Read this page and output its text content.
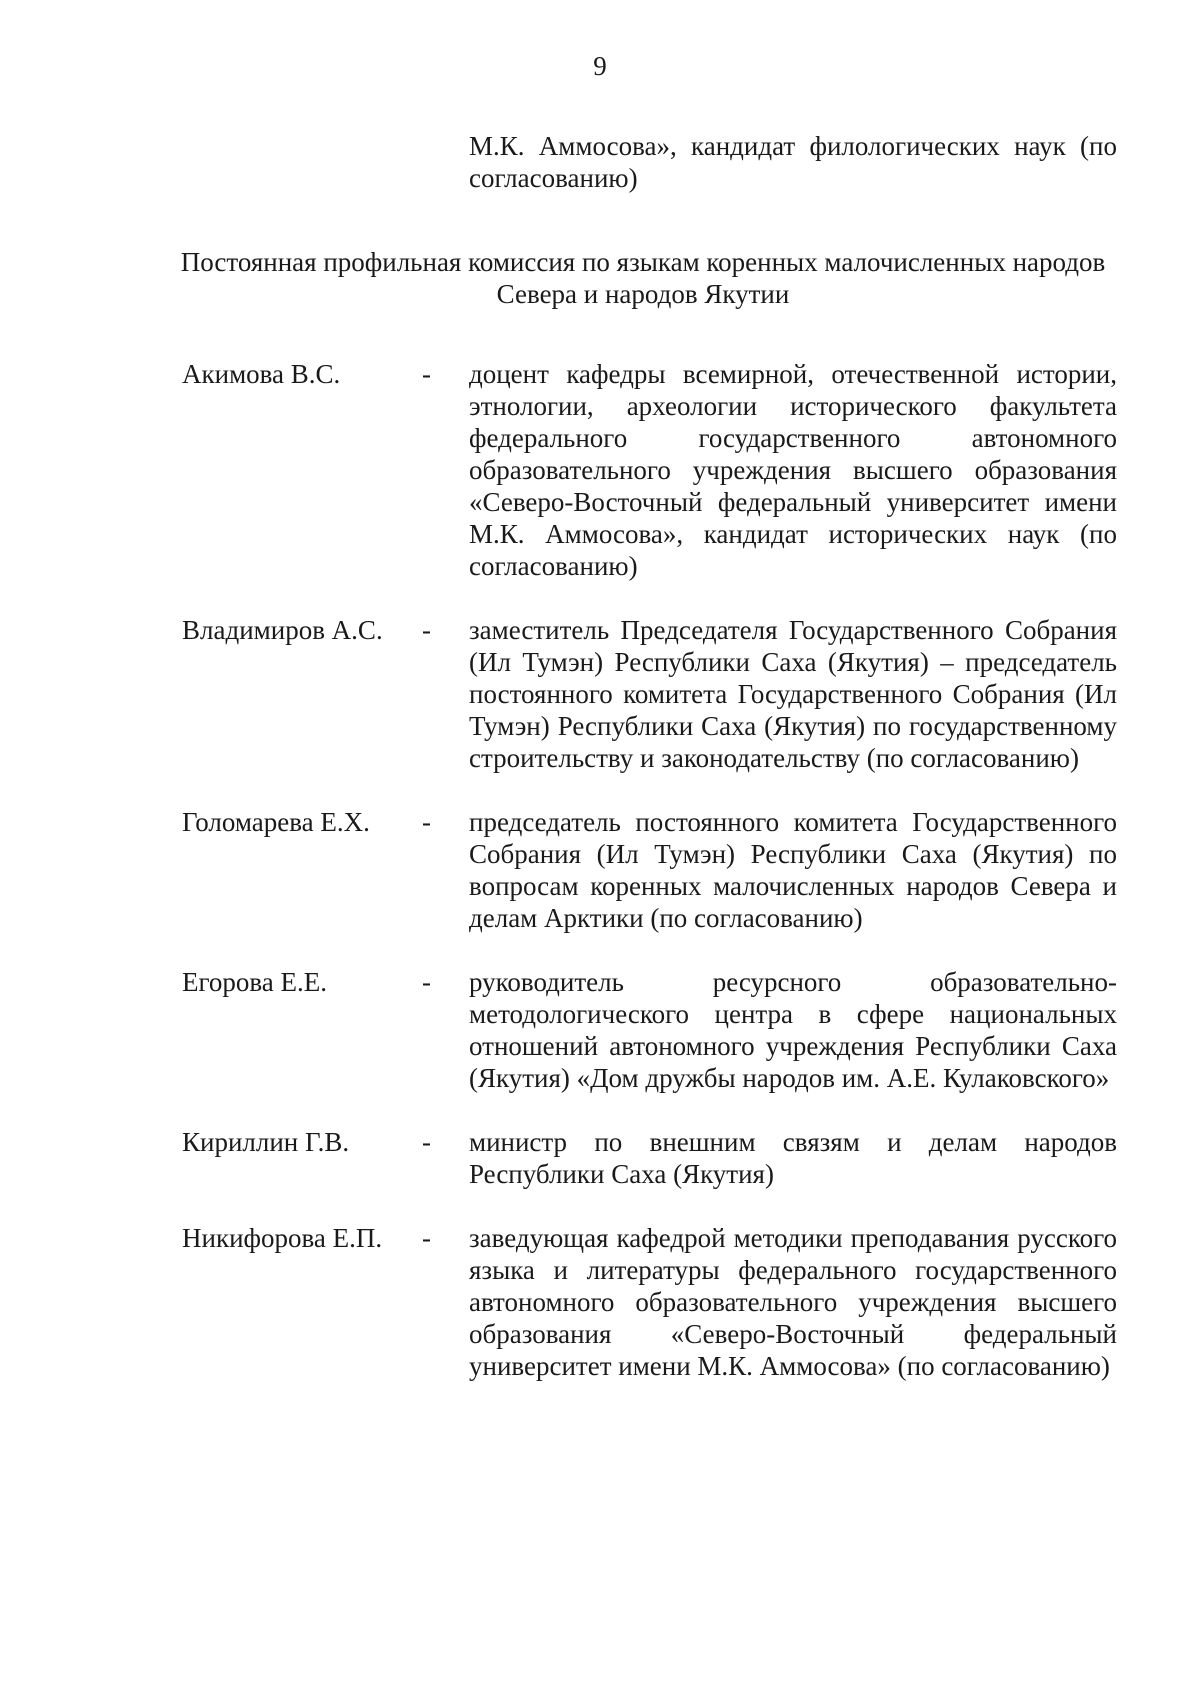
9
М.К. Аммосова», кандидат филологических наук (по согласованию)
Постоянная профильная комиссия по языкам коренных малочисленных народов Севера и народов Якутии
Акимова В.С.	-	доцент кафедры всемирной, отечественной истории, этнологии, археологии исторического факультета федерального государственного автономного образовательного учреждения высшего образования «Северо-Восточный федеральный университет имени М.К. Аммосова», кандидат исторических наук (по согласованию)
Владимиров А.С.	-	заместитель Председателя Государственного Собрания (Ил Тумэн) Республики Саха (Якутия) – председатель постоянного комитета Государственного Собрания (Ил Тумэн) Республики Саха (Якутия) по государственному строительству и законодательству (по согласованию)
Голомарева Е.Х.	-	председатель постоянного комитета Государственного Собрания (Ил Тумэн) Республики Саха (Якутия) по вопросам коренных малочисленных народов Севера и делам Арктики (по согласованию)
Егорова Е.Е.	-	руководитель ресурсного образовательно-методологического центра в сфере национальных отношений автономного учреждения Республики Саха (Якутия) «Дом дружбы народов им. А.Е. Кулаковского»
Кириллин Г.В.	-	министр по внешним связям и делам народов Республики Саха (Якутия)
Никифорова Е.П.	-	заведующая кафедрой методики преподавания русского языка и литературы федерального государственного автономного образовательного учреждения высшего образования «Северо-Восточный федеральный университет имени М.К. Аммосова» (по согласованию)
